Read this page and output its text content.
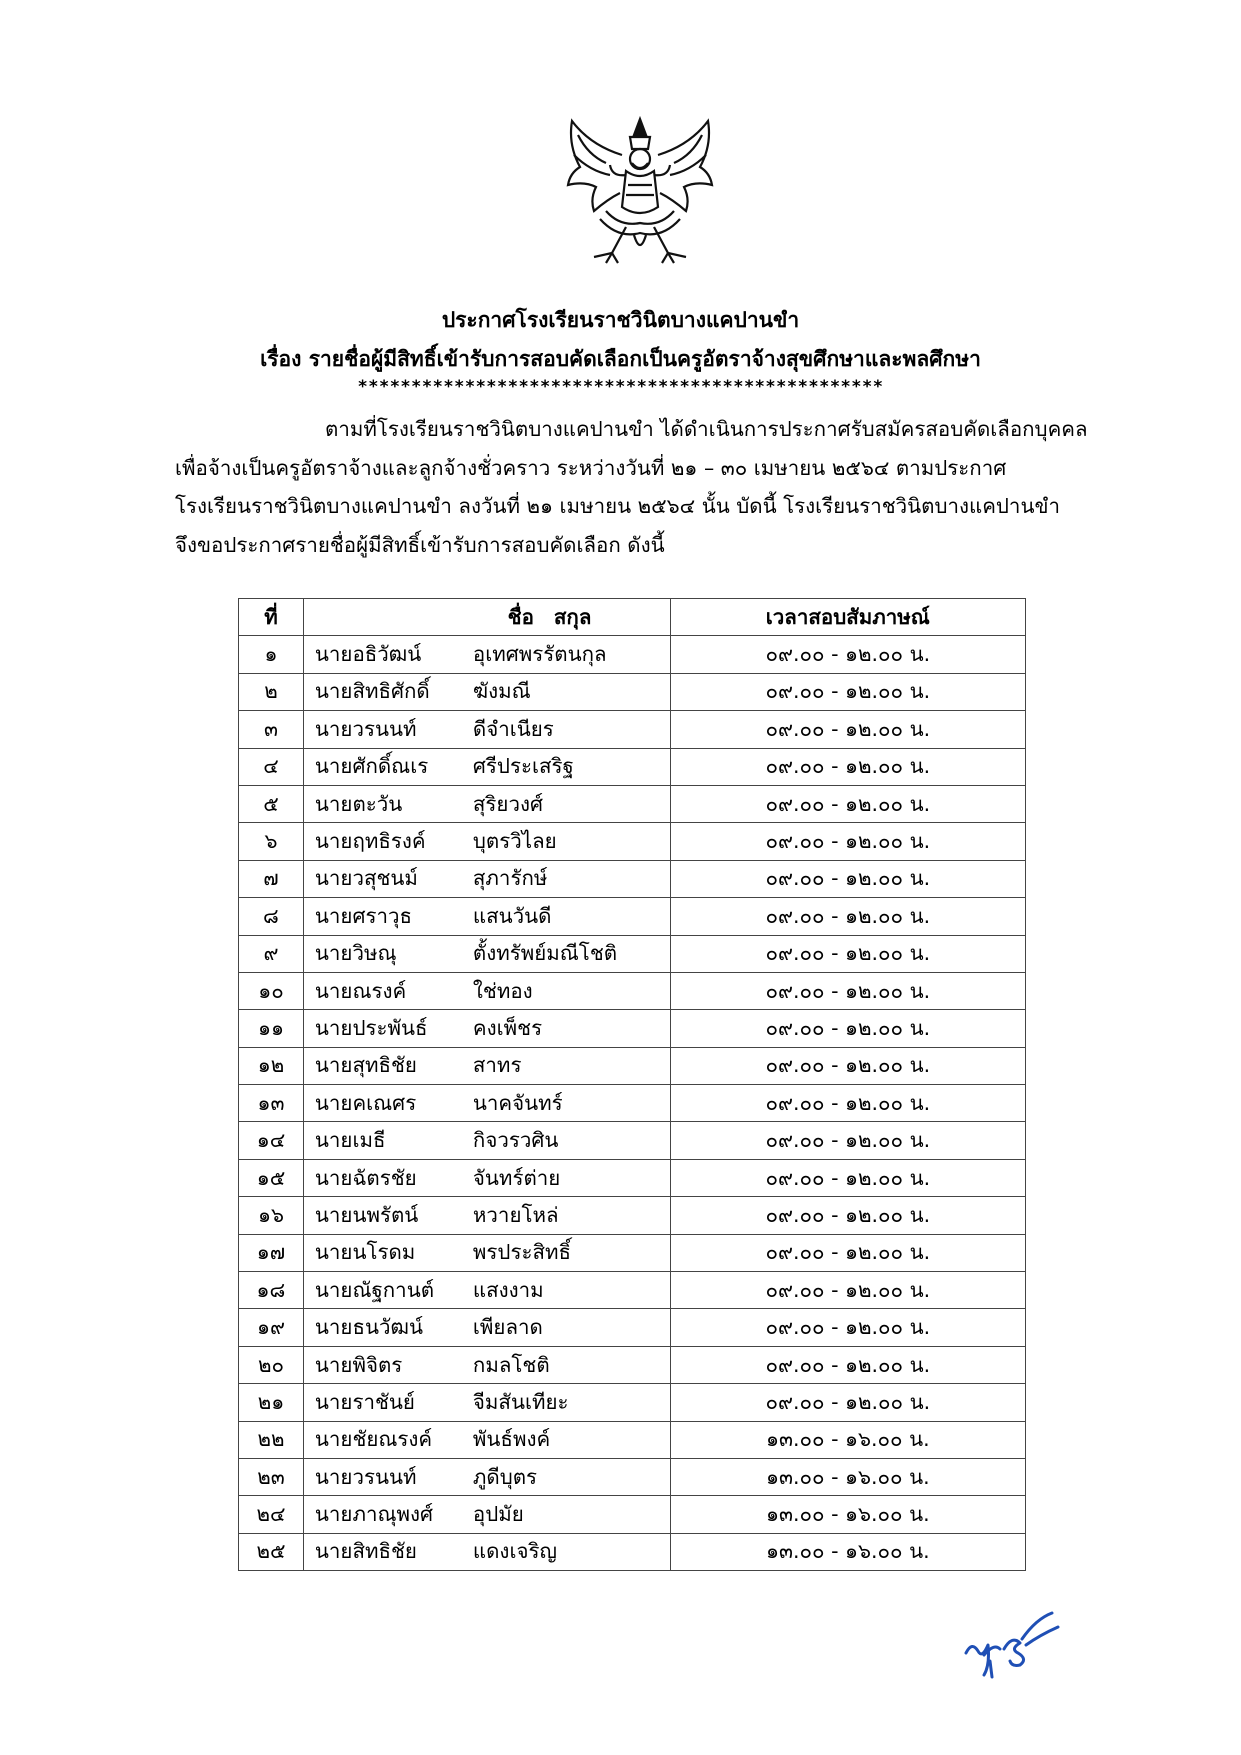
ประกาศโรงเรียนราชวินิตบางแคปานขำ
เรื่อง รายชื่อผู้มีสิทธิ์เข้ารับการสอบคัดเลือกเป็นครูอัตราจ้างสุขศึกษาและพลศึกษา
*************************************************
ตามที่โรงเรียนราชวินิตบางแคปานขำ ได้ดำเนินการประกาศรับสมัครสอบคัดเลือกบุคคล
เพื่อจ้างเป็นครูอัตราจ้างและลูกจ้างชั่วคราว ระหว่างวันที่ ๒๑ – ๓๐ เมษายน ๒๕๖๔ ตามประกาศ
โรงเรียนราชวินิตบางแคปานขำ ลงวันที่ ๒๑ เมษายน ๒๕๖๔ นั้น บัดนี้ โรงเรียนราชวินิตบางแคปานขำ
จึงขอประกาศรายชื่อผู้มีสิทธิ์เข้ารับการสอบคัดเลือก ดังนี้
ที่	ชื่อ สกุล	เวลาสอบสัมภาษณ์
๑	นายอธิวัฒน์ อุเทศพรรัตนกุล	๐๙.๐๐ - ๑๒.๐๐ น.
๒	นายสิทธิศักดิ์ ฆังมณี	๐๙.๐๐ - ๑๒.๐๐ น.
๓	นายวรนนท์ ดีจำเนียร	๐๙.๐๐ - ๑๒.๐๐ น.
๔	นายศักดิ์ณเร ศรีประเสริฐ	๐๙.๐๐ - ๑๒.๐๐ น.
๕	นายตะวัน สุริยวงศ์	๐๙.๐๐ - ๑๒.๐๐ น.
๖	นายฤทธิรงค์ บุตรวิไลย	๐๙.๐๐ - ๑๒.๐๐ น.
๗	นายวสุชนม์ สุภารักษ์	๐๙.๐๐ - ๑๒.๐๐ น.
๘	นายศราวุธ แสนวันดี	๐๙.๐๐ - ๑๒.๐๐ น.
๙	นายวิษณุ ตั้งทรัพย์มณีโชติ	๐๙.๐๐ - ๑๒.๐๐ น.
๑๐	นายณรงค์ ใช่ทอง	๐๙.๐๐ - ๑๒.๐๐ น.
๑๑	นายประพันธ์ คงเพ็ชร	๐๙.๐๐ - ๑๒.๐๐ น.
๑๒	นายสุทธิชัย สาทร	๐๙.๐๐ - ๑๒.๐๐ น.
๑๓	นายคเณศร นาคจันทร์	๐๙.๐๐ - ๑๒.๐๐ น.
๑๔	นายเมธี กิจวรวศิน	๐๙.๐๐ - ๑๒.๐๐ น.
๑๕	นายฉัตรชัย จันทร์ต่าย	๐๙.๐๐ - ๑๒.๐๐ น.
๑๖	นายนพรัตน์ หวายโหล่	๐๙.๐๐ - ๑๒.๐๐ น.
๑๗	นายนโรดม พรประสิทธิ์	๐๙.๐๐ - ๑๒.๐๐ น.
๑๘	นายณัฐกานต์ แสงงาม	๐๙.๐๐ - ๑๒.๐๐ น.
๑๙	นายธนวัฒน์ เพียลาด	๐๙.๐๐ - ๑๒.๐๐ น.
๒๐	นายพิจิตร กมลโชติ	๐๙.๐๐ - ๑๒.๐๐ น.
๒๑	นายราชันย์ จีมสันเทียะ	๐๙.๐๐ - ๑๒.๐๐ น.
๒๒	นายชัยณรงค์ พันธ์พงค์	๑๓.๐๐ - ๑๖.๐๐ น.
๒๓	นายวรนนท์ ภูดีบุตร	๑๓.๐๐ - ๑๖.๐๐ น.
๒๔	นายภาณุพงศ์ อุปมัย	๑๓.๐๐ - ๑๖.๐๐ น.
๒๕	นายสิทธิชัย แดงเจริญ	๑๓.๐๐ - ๑๖.๐๐ น.
